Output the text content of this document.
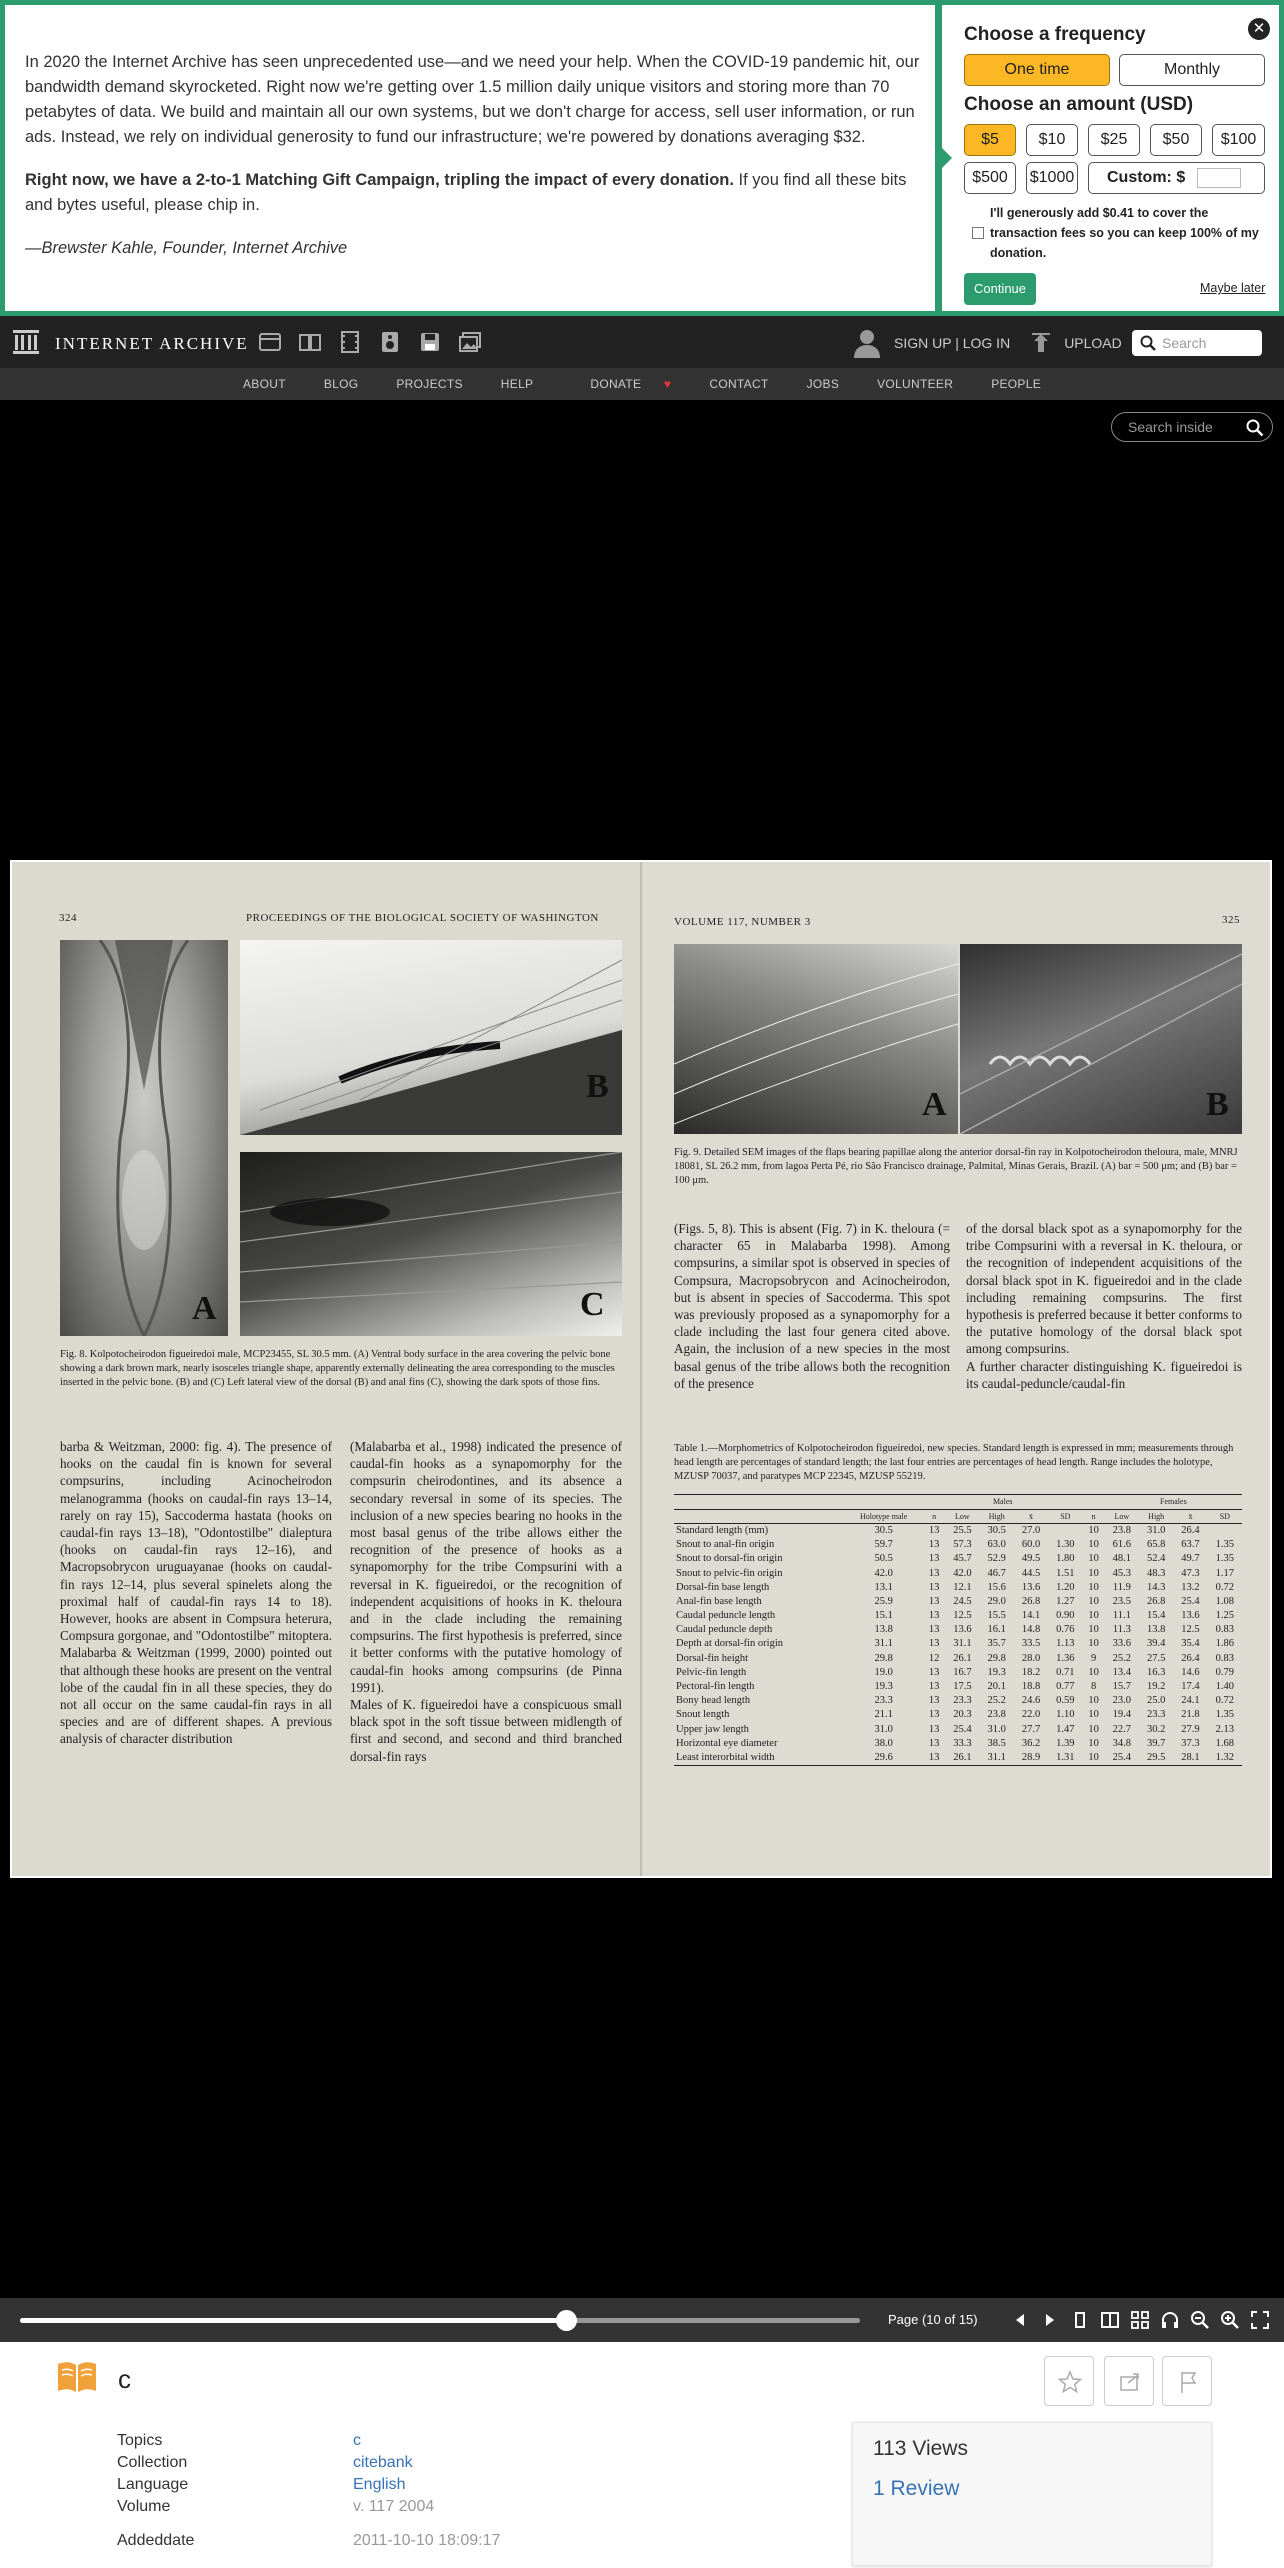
In 2020 the Internet Archive has seen unprecedented use—and we need your help. When the COVID-19 pandemic hit, our bandwidth demand skyrocketed. Right now we're getting over 1.5 million daily unique visitors and storing more than 70 petabytes of data. We build and maintain all our own systems, but we don't charge for access, sell user information, or run ads. Instead, we rely on individual generosity to fund our infrastructure; we're powered by donations averaging $32.

Right now, we have a 2-to-1 Matching Gift Campaign, tripling the impact of every donation. If you find all these bits and bytes useful, please chip in.

—Brewster Kahle, Founder, Internet Archive

Choose a frequency	✕
One time	Monthly
Choose an amount (USD)
$5	$10	$25	$50	$100
$500	$1000	Custom: $
I'll generously add $0.41 to cover the transaction fees so you can keep 100% of my donation.
Continue	Maybe later
INTERNET ARCHIVE	SIGN UP | LOG IN	UPLOAD	Search
ABOUT	BLOG	PROJECTS	HELP	DONATE ♥	CONTACT	JOBS	VOLUNTEER	PEOPLE
Search inside
324	PROCEEDINGS OF THE BIOLOGICAL SOCIETY OF WASHINGTON
A
B
C
Fig. 8. Kolpotocheirodon figueiredoi male, MCP23455, SL 30.5 mm. (A) Ventral body surface in the area covering the pelvic bone showing a dark brown mark, nearly isosceles triangle shape, apparently externally delineating the area corresponding to the muscles inserted in the pelvic bone. (B) and (C) Left lateral view of the dorsal (B) and anal fins (C), showing the dark spots of those fins.
barba & Weitzman, 2000: fig. 4). The presence of hooks on the caudal fin is known for several compsurins, including Acinocheirodon melanogramma (hooks on caudal-fin rays 13–14, rarely on ray 15), Saccoderma hastata (hooks on caudal-fin rays 13–18), "Odontostilbe" dialeptura (hooks on caudal-fin rays 12–16), and Macropsobrycon uruguayanae (hooks on caudal-fin rays 12–14, plus several spinelets along the proximal half of caudal-fin rays 14 to 18). However, hooks are absent in Compsura heterura, Compsura gorgonae, and "Odontostilbe" mitoptera. Malabarba & Weitzman (1999, 2000) pointed out that although these hooks are present on the ventral lobe of the caudal fin in all these species, they do not all occur on the same caudal-fin rays in all species and are of different shapes. A previous analysis of character distribution
(Malabarba et al., 1998) indicated the presence of caudal-fin hooks as a synapomorphy for the compsurin cheirodontines, and its absence a secondary reversal in some of its species. The inclusion of a new species bearing no hooks in the most basal genus of the tribe allows either the recognition of the presence of hooks as a synapomorphy for the tribe Compsurini with a reversal in K. figueiredoi, or the recognition of independent acquisitions of hooks in K. theloura and in the clade including the remaining compsurins. The first hypothesis is preferred, since it better conforms with the putative homology of caudal-fin hooks among compsurins (de Pinna 1991).
Males of K. figueiredoi have a conspicuous small black spot in the soft tissue between midlength of first and second, and second and third branched dorsal-fin rays
VOLUME 117, NUMBER 3	325
A	B
Fig. 9. Detailed SEM images of the flaps bearing papillae along the anterior dorsal-fin ray in Kolpotocheirodon theloura, male, MNRJ 18081, SL 26.2 mm, from lagoa Perta Pé, rio São Francisco drainage, Palmital, Minas Gerais, Brazil. (A) bar = 500 μm; and (B) bar = 100 μm.
(Figs. 5, 8). This is absent (Fig. 7) in K. theloura (= character 65 in Malabarba 1998). Among compsurins, a similar spot is observed in species of Compsura, Macropsobrycon and Acinocheirodon, but is absent in species of Saccoderma. This spot was previously proposed as a synapomorphy for a clade including the last four genera cited above. Again, the inclusion of a new species in the most basal genus of the tribe allows both the recognition of the presence
of the dorsal black spot as a synapomorphy for the tribe Compsurini with a reversal in K. theloura, or the recognition of independent acquisitions of the dorsal black spot in K. figueiredoi and in the clade including remaining compsurins. The first hypothesis is preferred because it better conforms to the putative homology of the dorsal black spot among compsurins.
A further character distinguishing K. figueiredoi is its caudal-peduncle/caudal-fin
Table 1.—Morphometrics of Kolpotocheirodon figueiredoi, new species. Standard length is expressed in mm; measurements through head length are percentages of standard length; the last four entries are percentages of head length. Range includes the holotype, MZUSP 70037, and paratypes MCP 22345, MZUSP 55219.
		Males						Females			
	Holotype male	n	Low	High	x̄	SD	n	Low	High	x̄	SD
Standard length (mm)	30.5	13	25.5	30.5	27.0		10	23.8	31.0	26.4	
Snout to anal-fin origin	59.7	13	57.3	63.0	60.0	1.30	10	61.6	65.8	63.7	1.35
Snout to dorsal-fin origin	50.5	13	45.7	52.9	49.5	1.80	10	48.1	52.4	49.7	1.35
Snout to pelvic-fin origin	42.0	13	42.0	46.7	44.5	1.51	10	45.3	48.3	47.3	1.17
Dorsal-fin base length	13.1	13	12.1	15.6	13.6	1.20	10	11.9	14.3	13.2	0.72
Anal-fin base length	25.9	13	24.5	29.0	26.8	1.27	10	23.5	26.8	25.4	1.08
Caudal peduncle length	15.1	13	12.5	15.5	14.1	0.90	10	11.1	15.4	13.6	1.25
Caudal peduncle depth	13.8	13	13.6	16.1	14.8	0.76	10	11.3	13.8	12.5	0.83
Depth at dorsal-fin origin	31.1	13	31.1	35.7	33.5	1.13	10	33.6	39.4	35.4	1.86
Dorsal-fin height	29.8	12	26.1	29.8	28.0	1.36	9	25.2	27.5	26.4	0.83
Pelvic-fin length	19.0	13	16.7	19.3	18.2	0.71	10	13.4	16.3	14.6	0.79
Pectoral-fin length	19.3	13	17.5	20.1	18.8	0.77	8	15.7	19.2	17.4	1.40
Bony head length	23.3	13	23.3	25.2	24.6	0.59	10	23.0	25.0	24.1	0.72
Snout length	21.1	13	20.3	23.8	22.0	1.10	10	19.4	23.3	21.8	1.35
Upper jaw length	31.0	13	25.4	31.0	27.7	1.47	10	22.7	30.2	27.9	2.13
Horizontal eye diameter	38.0	13	33.3	38.5	36.2	1.39	10	34.8	39.7	37.3	1.68
Least interorbital width	29.6	13	26.1	31.1	28.9	1.31	10	25.4	29.5	28.1	1.32
Page (10 of 15)
c
Topics	c
Collection	citebank
Language	English
Volume	v. 117 2004
Addeddate	2011-10-10 18:09:17
113 Views
1 Review
